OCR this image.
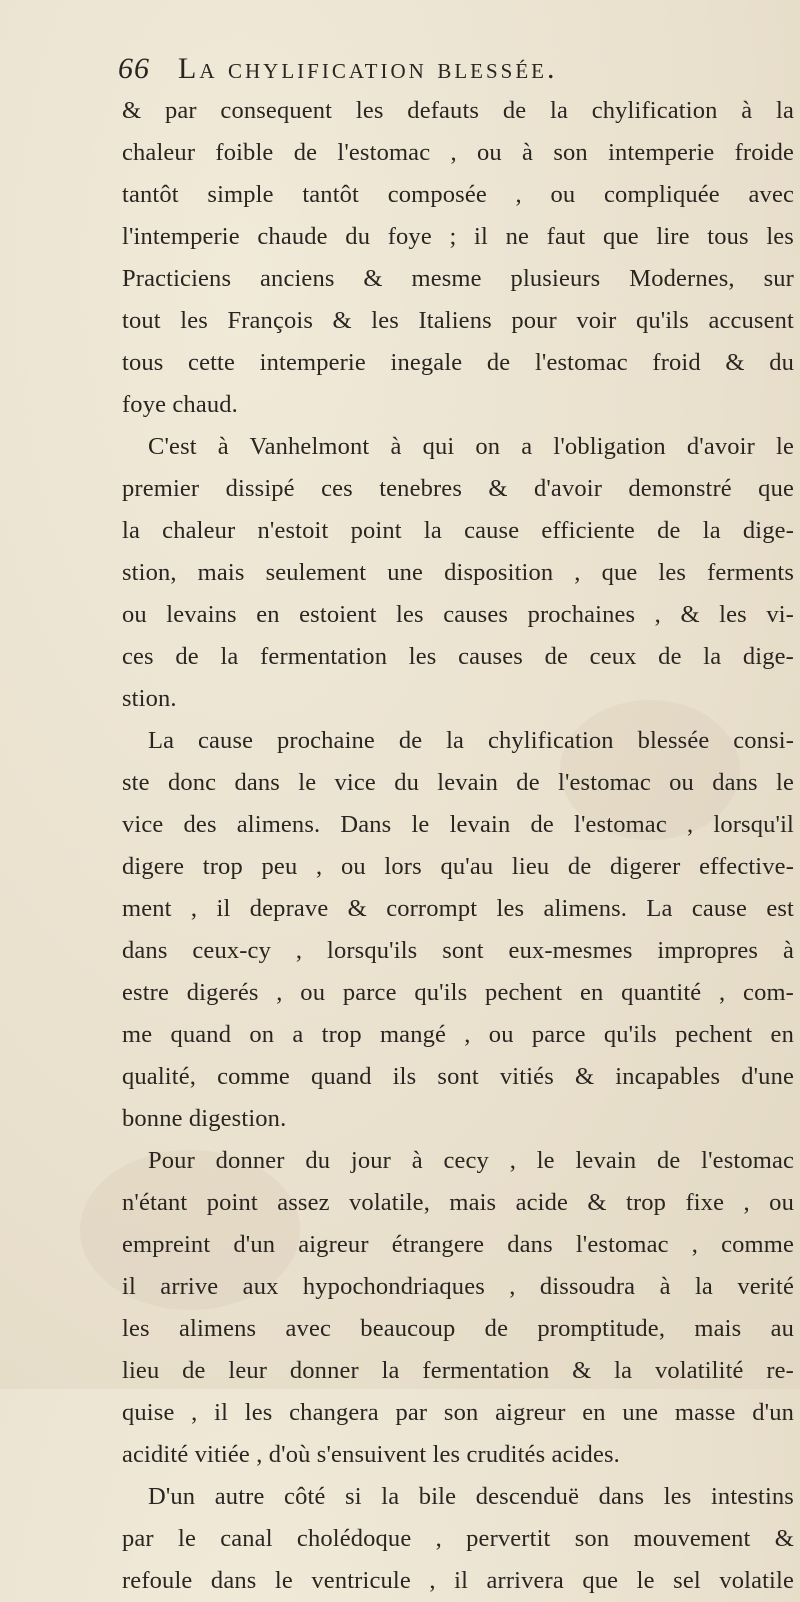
66 La chylification blessée.
& par consequent les defauts de la chylification à la
chaleur foible de l'estomac , ou à son intemperie froide
tantôt simple tantôt composée , ou compliquée avec
l'intemperie chaude du foye ; il ne faut que lire tous les
Practiciens anciens & mesme plusieurs Modernes, sur
tout les François & les Italiens pour voir qu'ils accusent
tous cette intemperie inegale de l'estomac froid & du
foye chaud.
C'est à Vanhelmont à qui on a l'obligation d'avoir le
premier dissipé ces tenebres & d'avoir demonstré que
la chaleur n'estoit point la cause efficiente de la dige-
stion, mais seulement une disposition , que les ferments
ou levains en estoient les causes prochaines , & les vi-
ces de la fermentation les causes de ceux de la dige-
stion.
La cause prochaine de la chylification blessée consi-
ste donc dans le vice du levain de l'estomac ou dans le
vice des alimens. Dans le levain de l'estomac , lorsqu'il
digere trop peu , ou lors qu'au lieu de digerer effective-
ment , il deprave & corrompt les alimens. La cause est
dans ceux-cy , lorsqu'ils sont eux-mesmes impropres à
estre digerés , ou parce qu'ils pechent en quantité , com-
me quand on a trop mangé , ou parce qu'ils pechent en
qualité, comme quand ils sont vitiés & incapables d'une
bonne digestion.
Pour donner du jour à cecy , le levain de l'estomac
n'étant point assez volatile, mais acide & trop fixe , ou
empreint d'un aigreur étrangere dans l'estomac , comme
il arrive aux hypochondriaques , dissoudra à la verité
les alimens avec beaucoup de promptitude, mais au
lieu de leur donner la fermentation & la volatilité re-
quise , il les changera par son aigreur en une masse d'un
acidité vitiée , d'où s'ensuivent les crudités acides.
D'un autre côté si la bile descenduë dans les intestins
par le canal cholédoque , pervertit son mouvement &
refoule dans le ventricule , il arrivera que le sel volatile
